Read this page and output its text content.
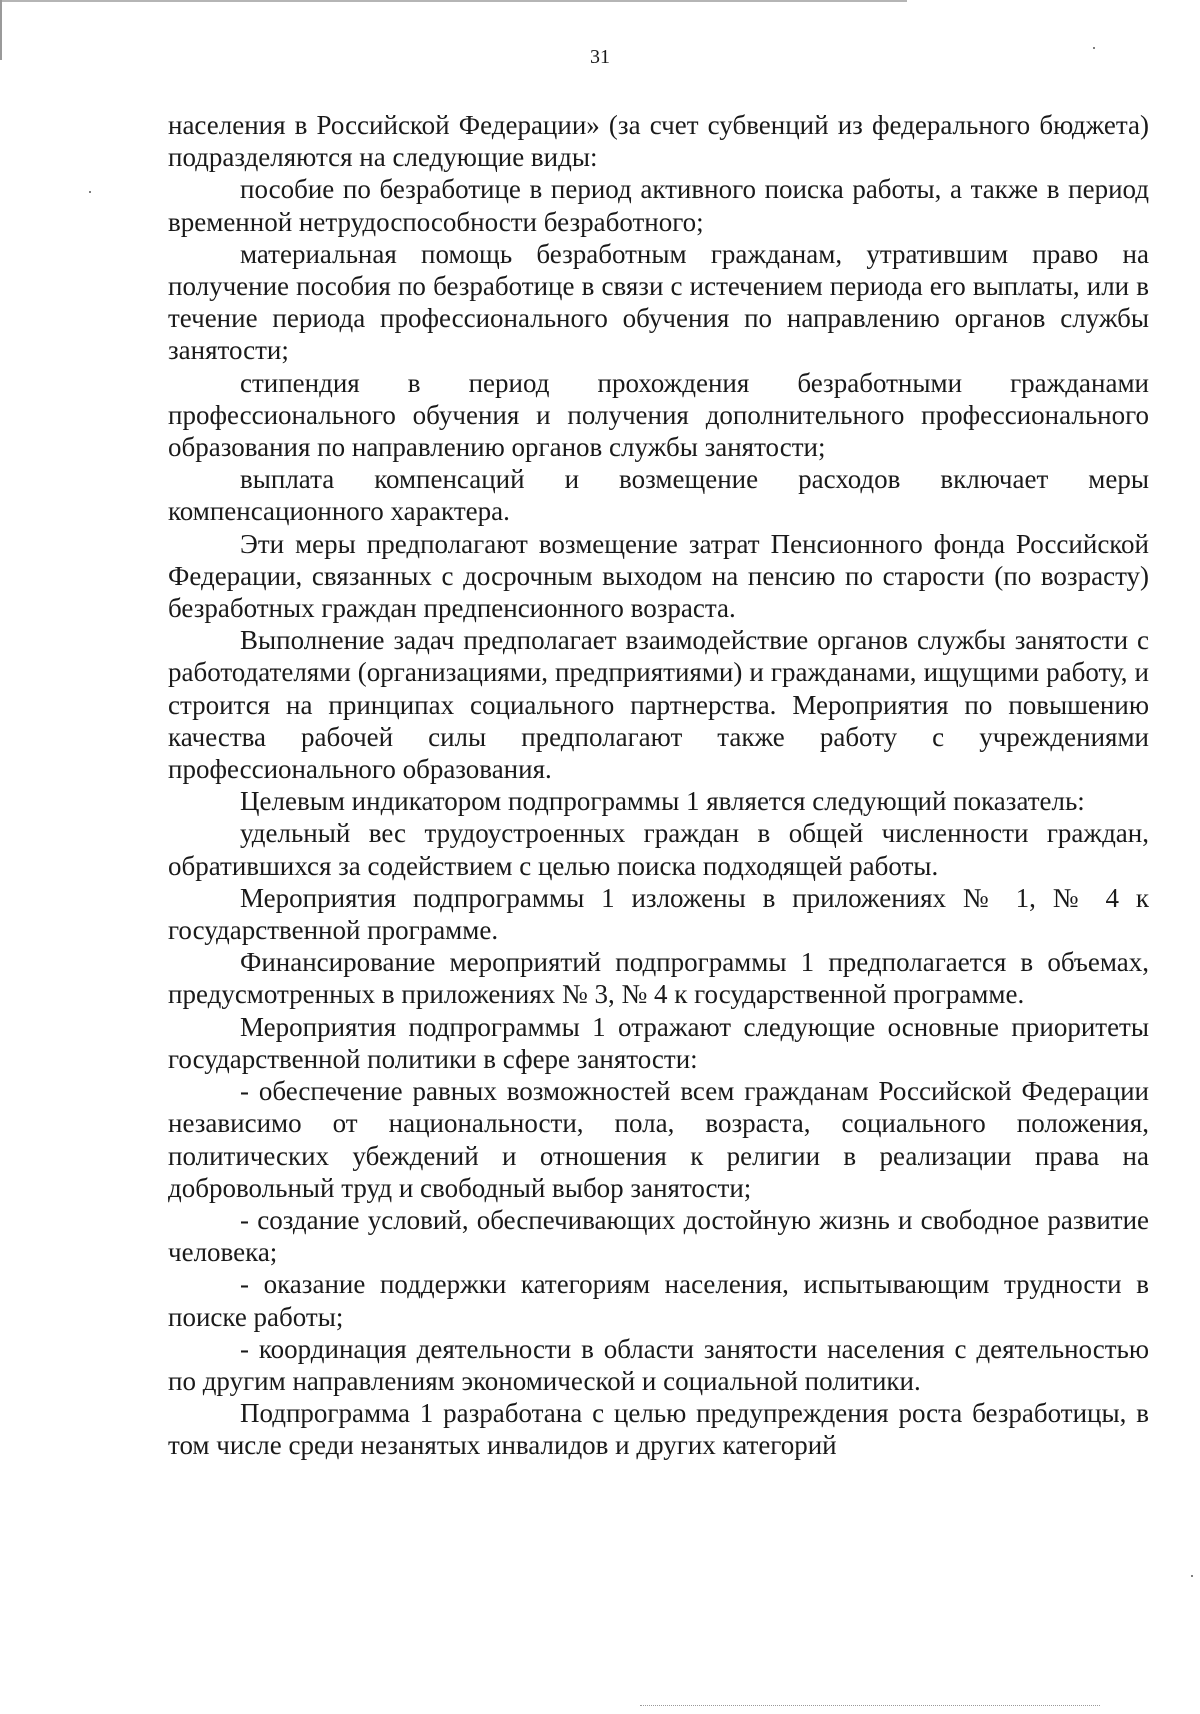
31

населения в Российской Федерации» (за счет субвенций из федерального бюджета) подразделяются на следующие виды:

пособие по безработице в период активного поиска работы, а также в период временной нетрудоспособности безработного;

материальная помощь безработным гражданам, утратившим право на получение пособия по безработице в связи с истечением периода его выплаты, или в течение периода профессионального обучения по направлению органов службы занятости;

стипендия в период прохождения безработными гражданами профессионального обучения и получения дополнительного профессионального образования по направлению органов службы занятости;

выплата компенсаций и возмещение расходов включает меры компенсационного характера.

Эти меры предполагают возмещение затрат Пенсионного фонда Российской Федерации, связанных с досрочным выходом на пенсию по старости (по возрасту) безработных граждан предпенсионного возраста.

Выполнение задач предполагает взаимодействие органов службы занятости с работодателями (организациями, предприятиями) и гражданами, ищущими работу, и строится на принципах социального партнерства. Мероприятия по повышению качества рабочей силы предполагают также работу с учреждениями профессионального образования.

Целевым индикатором подпрограммы 1 является следующий показатель:

удельный вес трудоустроенных граждан в общей численности граждан, обратившихся за содействием с целью поиска подходящей работы.

Мероприятия подпрограммы 1 изложены в приложениях № 1, № 4 к государственной программе.

Финансирование мероприятий подпрограммы 1 предполагается в объемах, предусмотренных в приложениях № 3, № 4 к государственной программе.

Мероприятия подпрограммы 1 отражают следующие основные приоритеты государственной политики в сфере занятости:

- обеспечение равных возможностей всем гражданам Российской Федерации независимо от национальности, пола, возраста, социального положения, политических убеждений и отношения к религии в реализации права на добровольный труд и свободный выбор занятости;

- создание условий, обеспечивающих достойную жизнь и свободное развитие человека;

- оказание поддержки категориям населения, испытывающим трудности в поиске работы;

- координация деятельности в области занятости населения с деятельностью по другим направлениям экономической и социальной политики.

Подпрограмма 1 разработана с целью предупреждения роста безработицы, в том числе среди незанятых инвалидов и других категорий
